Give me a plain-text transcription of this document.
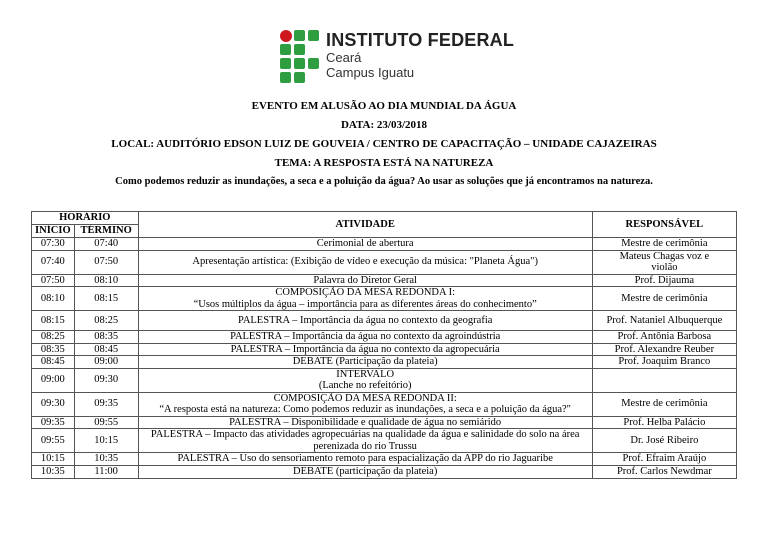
INSTITUTO FEDERAL
Ceará
Campus Iguatu
EVENTO EM ALUSÃO AO DIA MUNDIAL DA ÁGUA
DATA: 23/03/2018
LOCAL: AUDITÓRIO EDSON LUIZ DE GOUVEIA / CENTRO DE CAPACITAÇÃO – UNIDADE CAJAZEIRAS
TEMA: A RESPOSTA ESTÁ NA NATUREZA
Como podemos reduzir as inundações, a seca e a poluição da água? Ao usar as soluções que já encontramos na natureza.
HORÁRIO		ATIVIDADE	RESPONSÁVEL
INÍCIO	TÉRMINO		
07:30	07:40	Cerimonial de abertura	Mestre de cerimônia

07:40	07:50	Apresentação artística: (Exibição de vídeo e execução da música: "Planeta Água")	Mateus Chagas voz e
violão

07:50	08:10	Palavra do Diretor Geral	Prof. Dijauma

08:10	08:15	COMPOSIÇÃO DA MESA REDONDA I:
“Usos múltiplos da água – importância para as diferentes áreas do conhecimento”	Mestre de cerimônia

08:15	08:25	PALESTRA – Importância da água no contexto da geografia	Prof. Nataniel Albuquerque

08:25	08:35	PALESTRA – Importância da água no contexto da agroindústria	Prof. Antônia Barbosa

08:35	08:45	PALESTRA – Importância da água no contexto da agropecuária	Prof. Alexandre Reuber

08:45	09:00	DEBATE (Participação da plateia)	Prof. Joaquim Branco

09:00	09:30	INTERVALO
(Lanche no refeitório)	

09:30	09:35	COMPOSIÇÃO DA MESA REDONDA II:
“A resposta está na natureza: Como podemos reduzir as inundações, a seca e a poluição da água?"	Mestre de cerimônia

09:35	09:55	PALESTRA – Disponibilidade e qualidade de água no semiárido	Prof. Helba Palácio

09:55	10:15	PALESTRA – Impacto das atividades agropecuárias na qualidade da água e salinidade do solo na área
perenizada do rio Trussu	Dr. José Ribeiro

10:15	10:35	PALESTRA – Uso do sensoriamento remoto para espacialização da APP do rio Jaguaribe	Prof. Efraim Araújo

10:35	11:00	DEBATE (participação da plateia)	Prof. Carlos Newdmar
